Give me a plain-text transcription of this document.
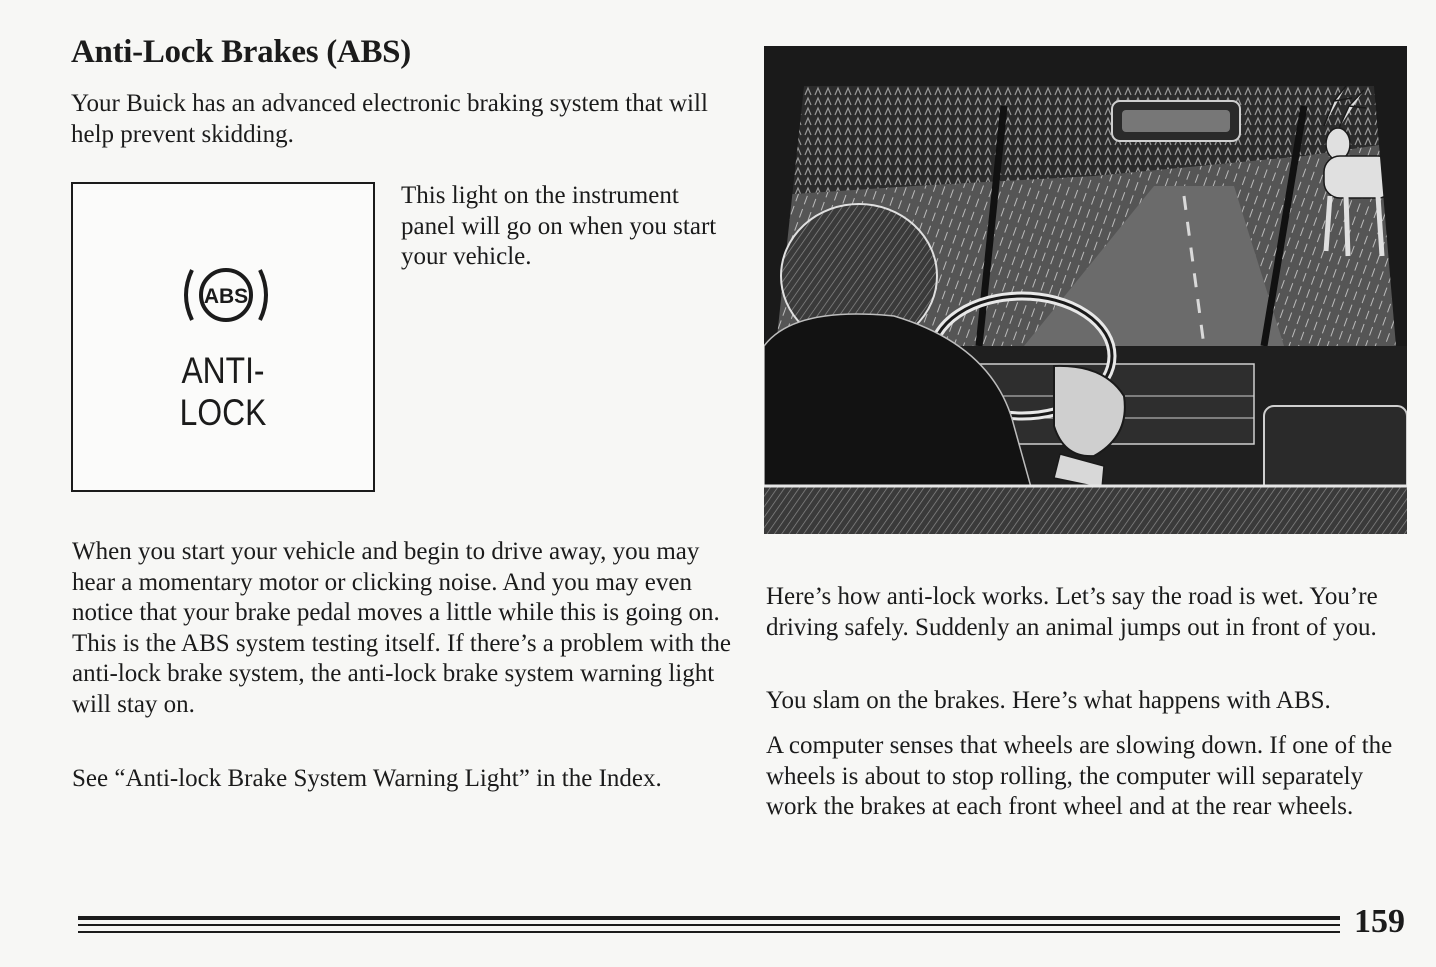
Anti-Lock Brakes (ABS)

Your Buick has an advanced electronic braking system that will help prevent skidding.

ABS
ANTI-
LOCK

This light on the instrument panel will go on when you start your vehicle.

When you start your vehicle and begin to drive away, you may hear a momentary motor or clicking noise. And you may even notice that your brake pedal moves a little while this is going on. This is the ABS system testing itself. If there’s a problem with the anti-lock brake system, the anti-lock brake system warning light will stay on.

See “Anti-lock Brake System Warning Light” in the Index.

Here’s how anti-lock works. Let’s say the road is wet. You’re driving safely. Suddenly an animal jumps out in front of you.

You slam on the brakes. Here’s what happens with ABS.

A computer senses that wheels are slowing down. If one of the wheels is about to stop rolling, the computer will separately work the brakes at each front wheel and at the rear wheels.

159
